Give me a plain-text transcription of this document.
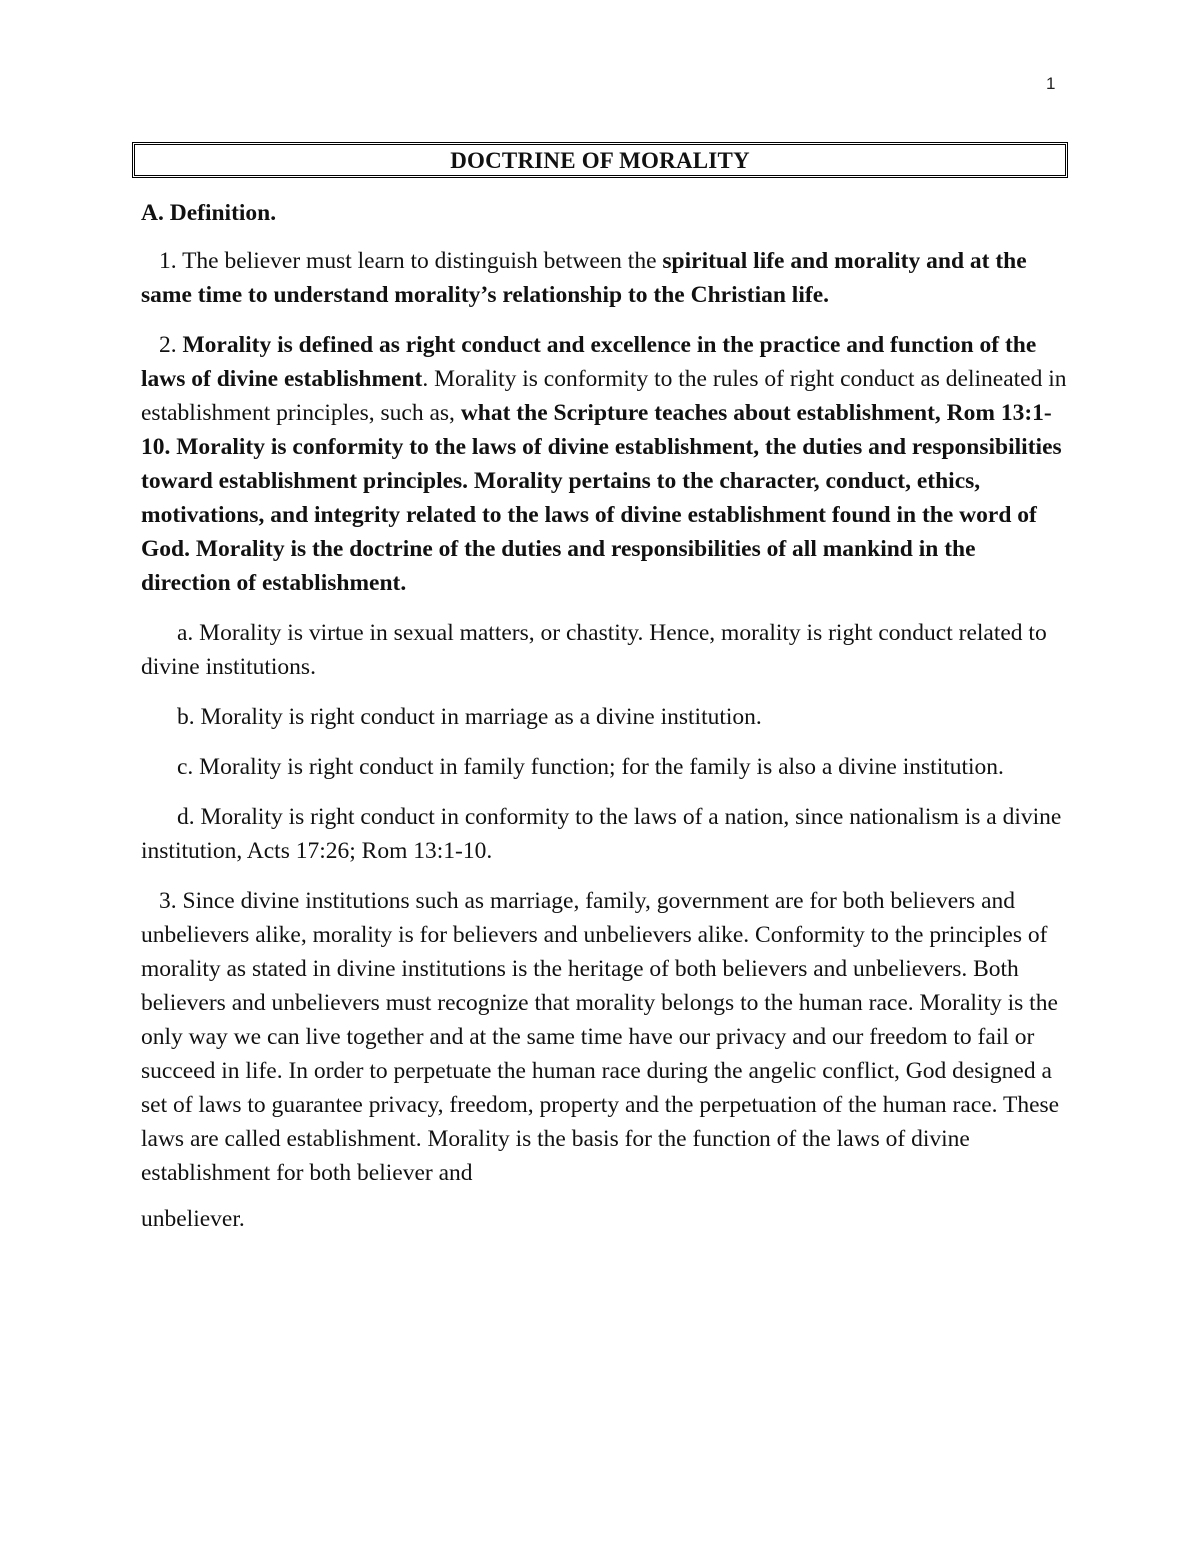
1
DOCTRINE OF MORALITY

A. Definition.

1. The believer must learn to distinguish between the spiritual life and morality and at the same time to understand morality’s relationship to the Christian life.

2. Morality is defined as right conduct and excellence in the practice and function of the laws of divine establishment. Morality is conformity to the rules of right conduct as delineated in establishment principles, such as, what the Scripture teaches about establishment, Rom 13:1-10. Morality is conformity to the laws of divine establishment, the duties and responsibilities toward establishment principles. Morality pertains to the character, conduct, ethics, motivations, and integrity related to the laws of divine establishment found in the word of God. Morality is the doctrine of the duties and responsibilities of all mankind in the direction of establishment.

a. Morality is virtue in sexual matters, or chastity. Hence, morality is right conduct related to divine institutions.

b. Morality is right conduct in marriage as a divine institution.

c. Morality is right conduct in family function; for the family is also a divine institution.

d. Morality is right conduct in conformity to the laws of a nation, since nationalism is a divine institution, Acts 17:26; Rom 13:1-10.

3. Since divine institutions such as marriage, family, government are for both believers and unbelievers alike, morality is for believers and unbelievers alike. Conformity to the principles of morality as stated in divine institutions is the heritage of both believers and unbelievers. Both believers and unbelievers must recognize that morality belongs to the human race. Morality is the only way we can live together and at the same time have our privacy and our freedom to fail or succeed in life. In order to perpetuate the human race during the angelic conflict, God designed a set of laws to guarantee privacy, freedom, property and the perpetuation of the human race. These laws are called establishment. Morality is the basis for the function of the laws of divine establishment for both believer and

unbeliever.
